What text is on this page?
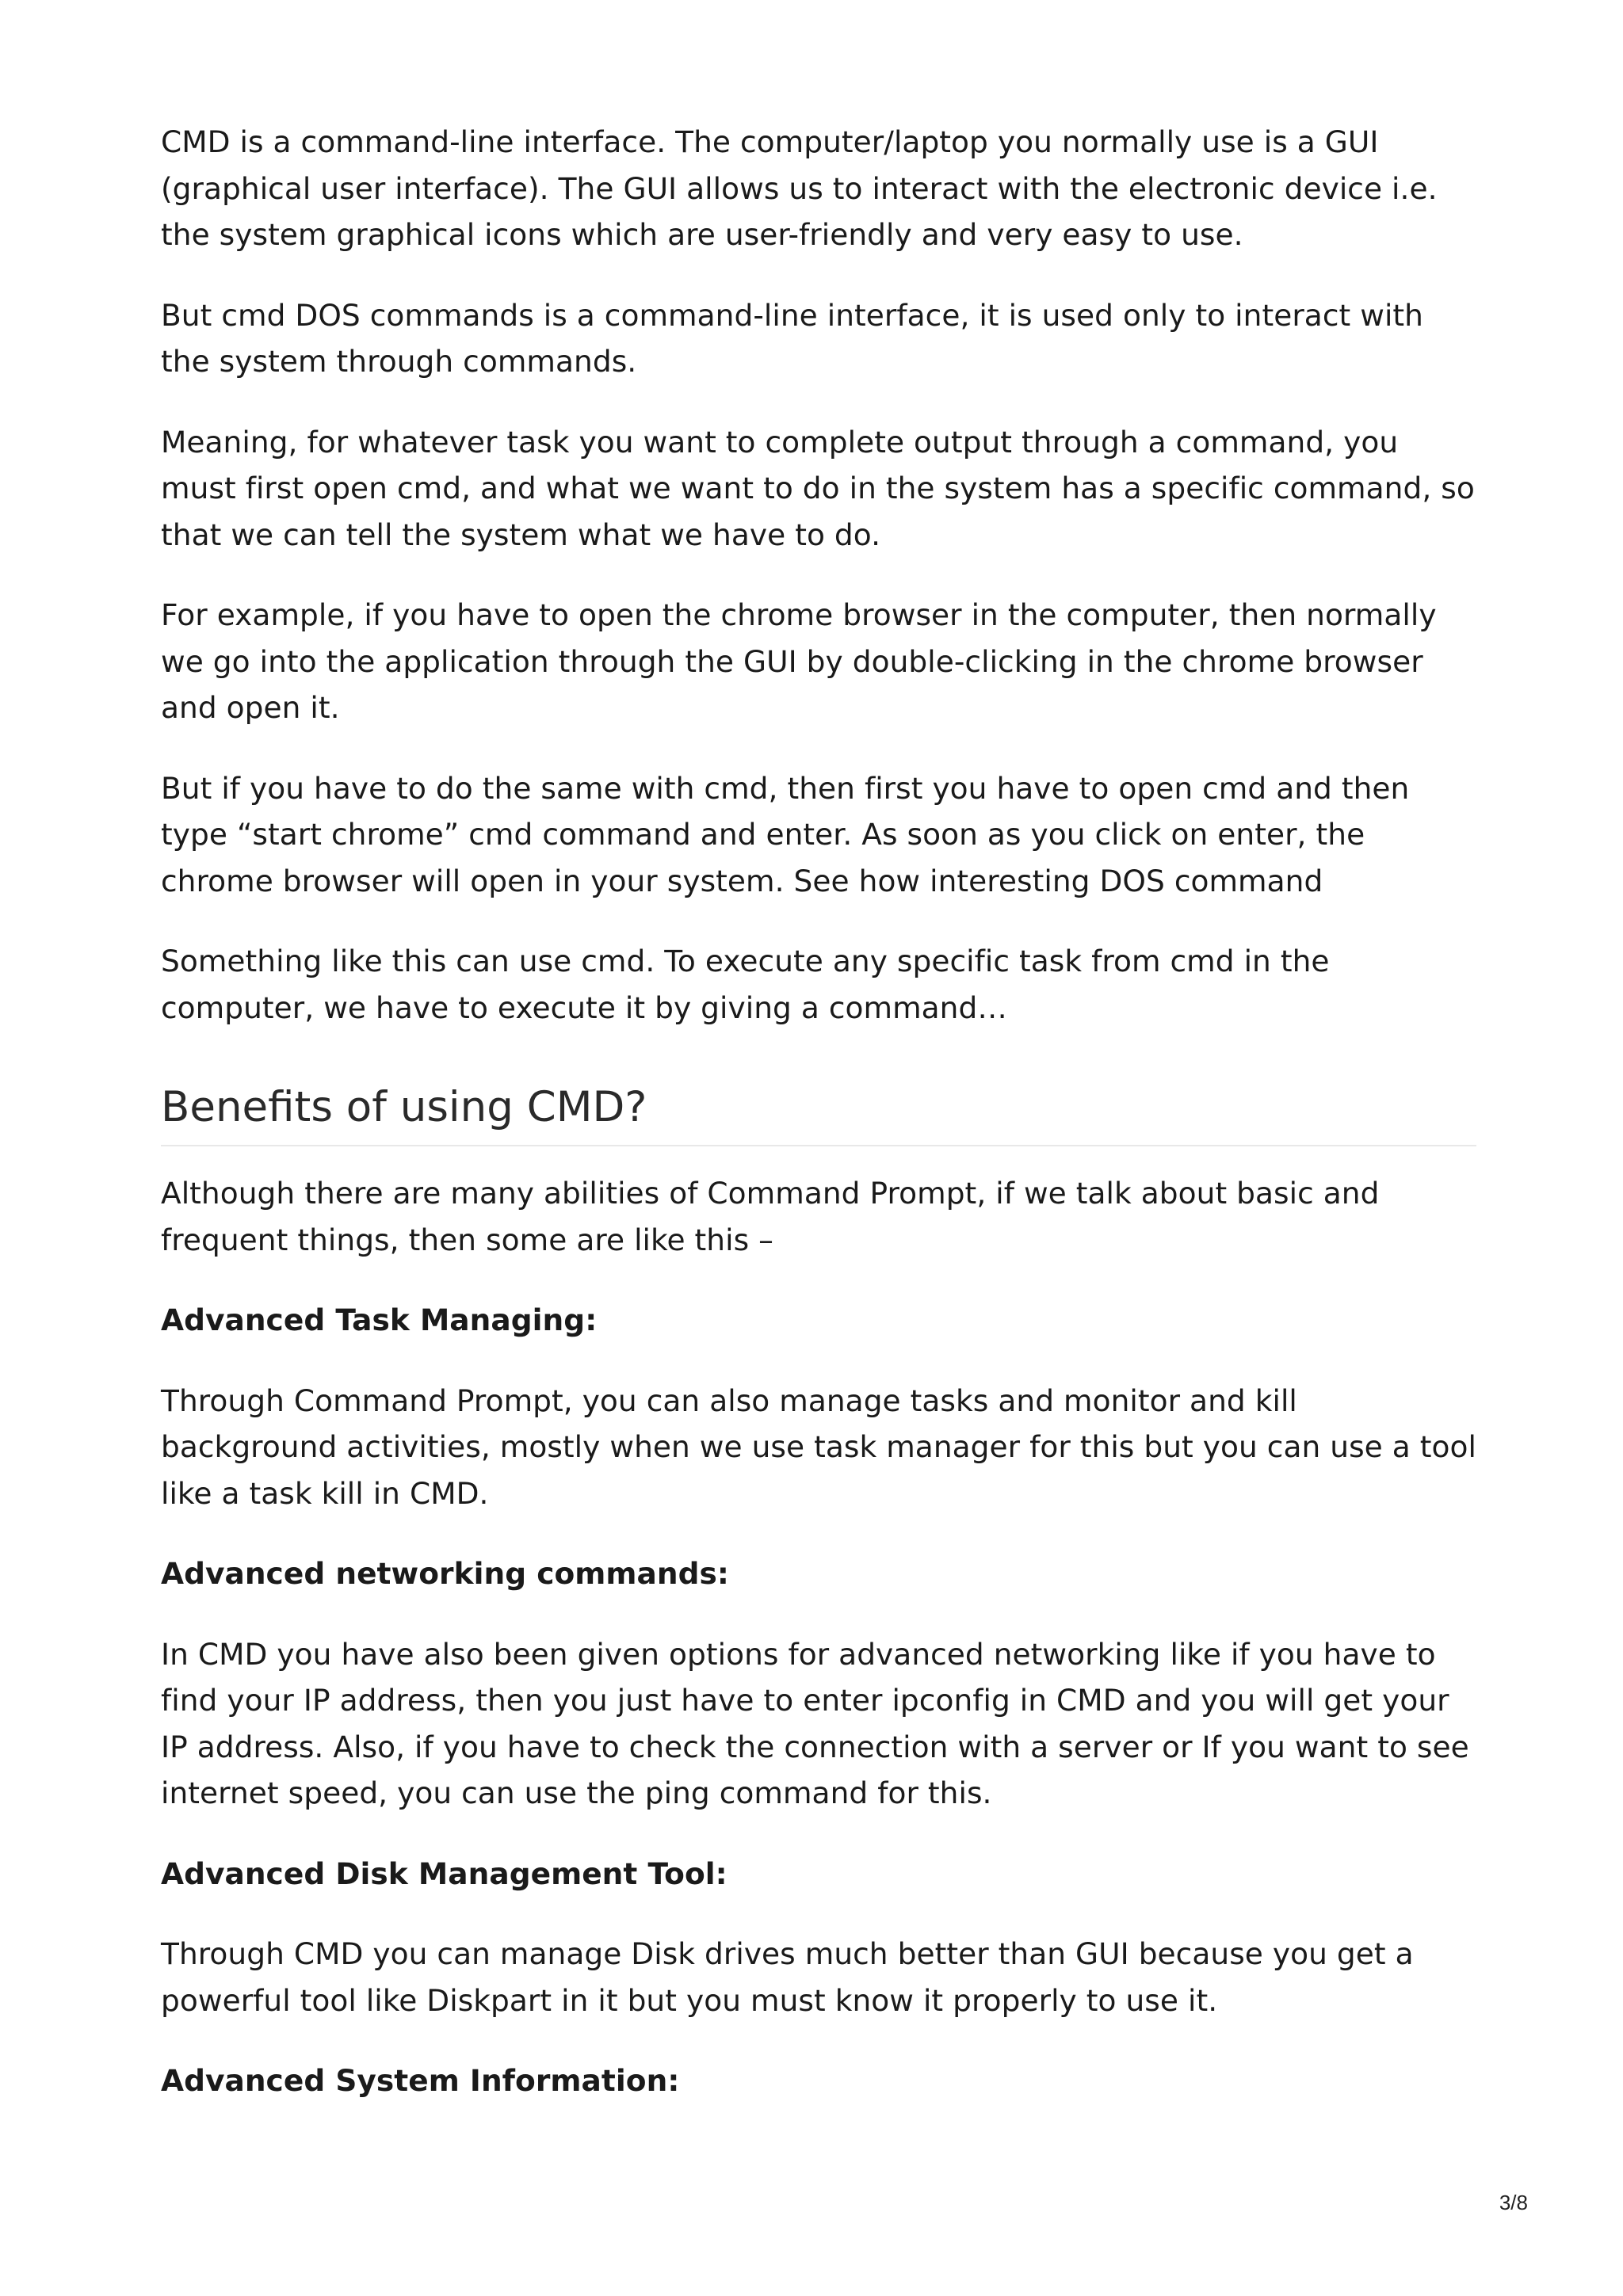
CMD is a command-line interface. The computer/laptop you normally use is a GUI (graphical user interface). The GUI allows us to interact with the electronic device i.e. the system graphical icons which are user-friendly and very easy to use.

But cmd DOS commands is a command-line interface, it is used only to interact with the system through commands.

Meaning, for whatever task you want to complete output through a command, you must first open cmd, and what we want to do in the system has a specific command, so that we can tell the system what we have to do.

For example, if you have to open the chrome browser in the computer, then normally we go into the application through the GUI by double-clicking in the chrome browser and open it.

But if you have to do the same with cmd, then first you have to open cmd and then type “start chrome” cmd command and enter. As soon as you click on enter, the chrome browser will open in your system. See how interesting DOS command

Something like this can use cmd. To execute any specific task from cmd in the computer, we have to execute it by giving a command…

Benefits of using CMD?

Although there are many abilities of Command Prompt, if we talk about basic and frequent things, then some are like this –

Advanced Task Managing:

Through Command Prompt, you can also manage tasks and monitor and kill background activities, mostly when we use task manager for this but you can use a tool like a task kill in CMD.

Advanced networking commands:

In CMD you have also been given options for advanced networking like if you have to find your IP address, then you just have to enter ipconfig in CMD and you will get your IP address. Also, if you have to check the connection with a server or If you want to see internet speed, you can use the ping command for this.

Advanced Disk Management Tool:

Through CMD you can manage Disk drives much better than GUI because you get a powerful tool like Diskpart in it but you must know it properly to use it.

Advanced System Information:

3/8
